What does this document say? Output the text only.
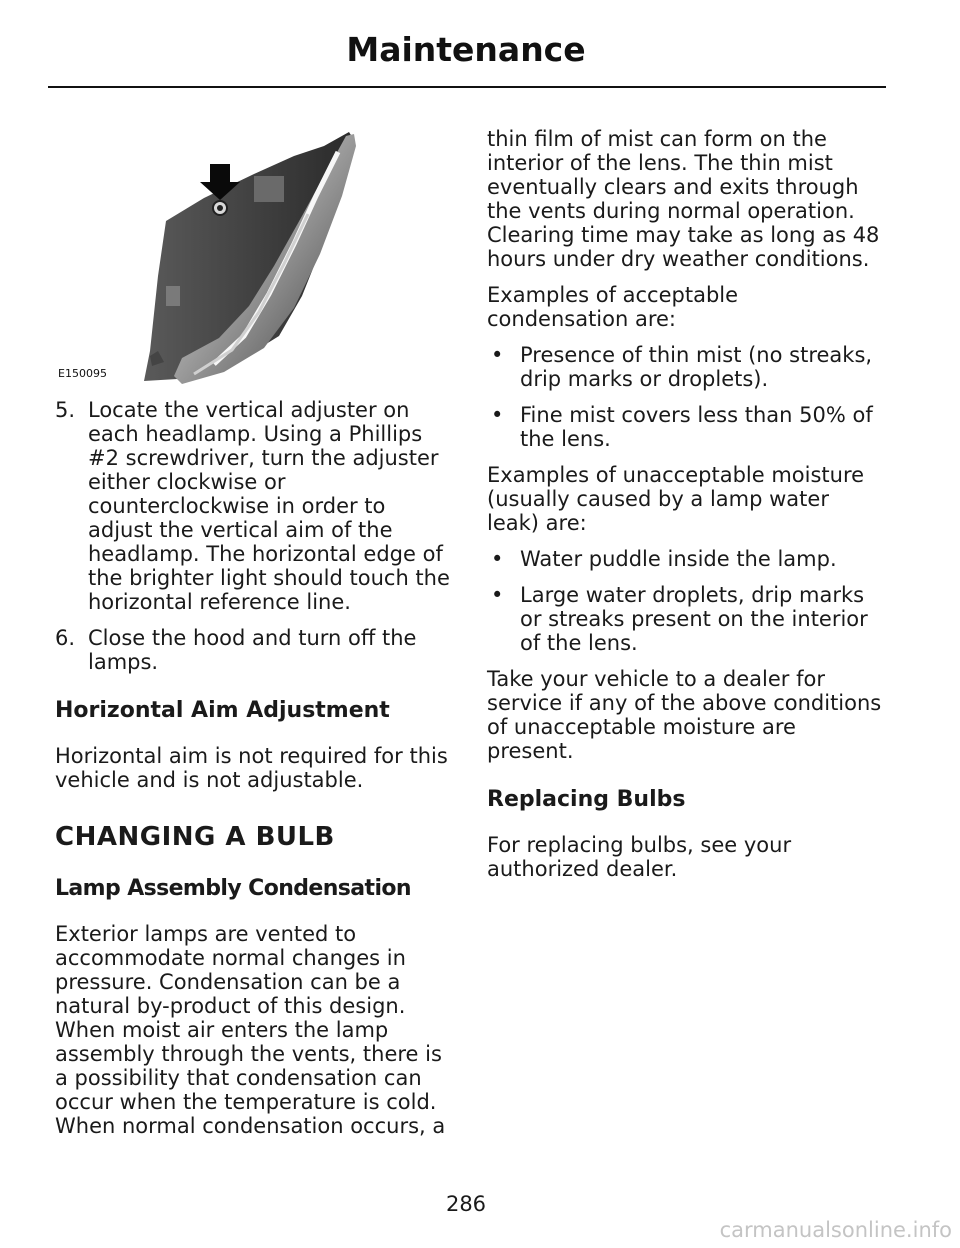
Maintenance
E150095
5. Locate the vertical adjuster on each headlamp. Using a Phillips #2 screwdriver, turn the adjuster either clockwise or counterclockwise in order to adjust the vertical aim of the headlamp. The horizontal edge of the brighter light should touch the horizontal reference line.
6. Close the hood and turn off the lamps.
Horizontal Aim Adjustment

Horizontal aim is not required for this vehicle and is not adjustable.

CHANGING A BULB
Lamp Assembly Condensation

Exterior lamps are vented to accommodate normal changes in pressure. Condensation can be a natural by-product of this design. When moist air enters the lamp assembly through the vents, there is a possibility that condensation can occur when the temperature is cold. When normal condensation occurs, a

thin film of mist can form on the interior of the lens. The thin mist eventually clears and exits through the vents during normal operation. Clearing time may take as long as 48 hours under dry weather conditions.

Examples of acceptable condensation are:

• Presence of thin mist (no streaks, drip marks or droplets).
• Fine mist covers less than 50% of the lens.

Examples of unacceptable moisture (usually caused by a lamp water leak) are:

• Water puddle inside the lamp.
• Large water droplets, drip marks or streaks present on the interior of the lens.

Take your vehicle to a dealer for service if any of the above conditions of unacceptable moisture are present.

Replacing Bulbs

For replacing bulbs, see your authorized dealer.

286
carmanualsonline.info
